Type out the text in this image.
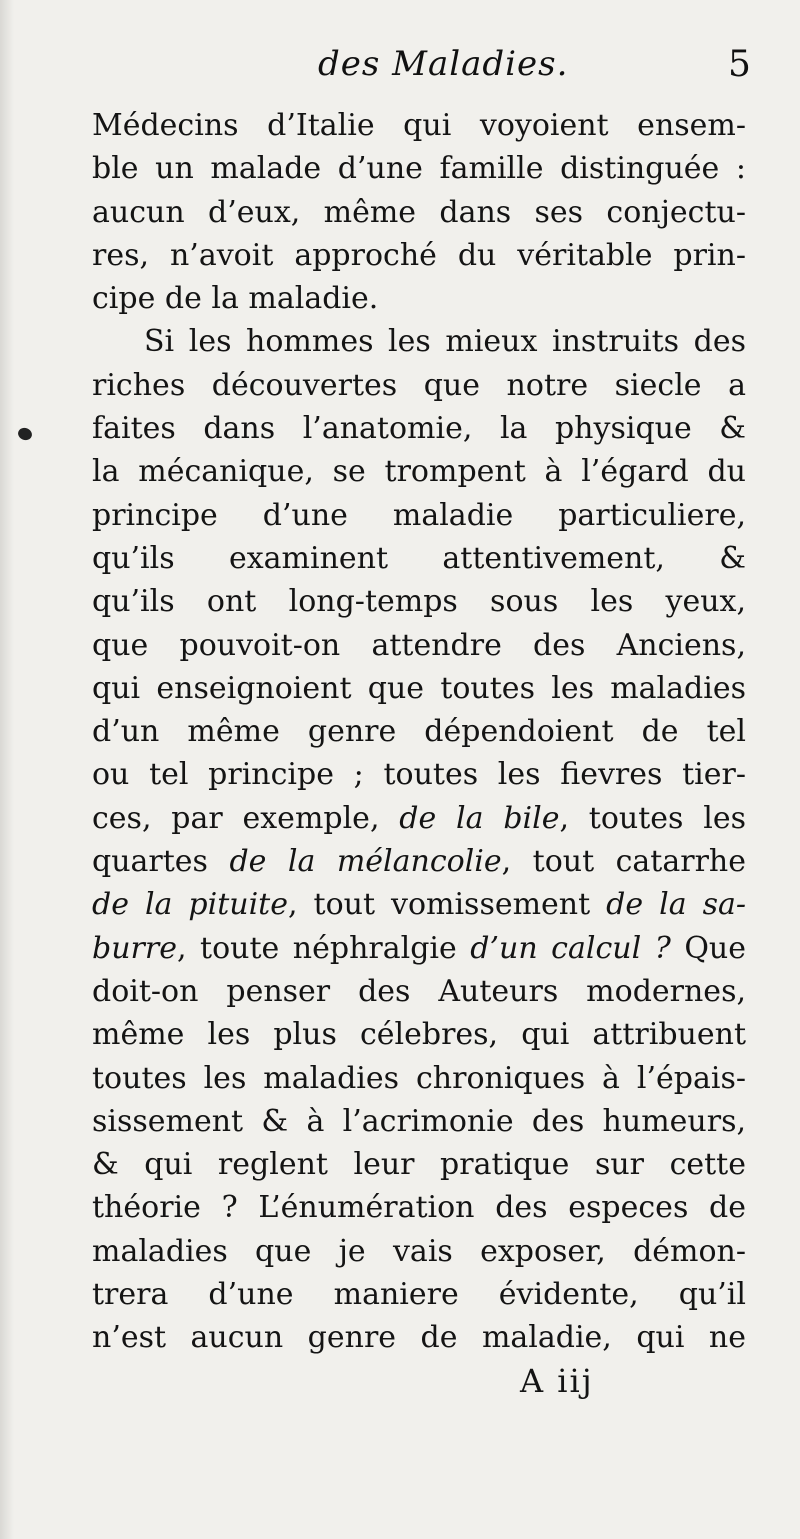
des Maladies.	5
Médecins d’Italie qui voyoient ensem-
ble un malade d’une famille distinguée :
aucun d’eux, même dans ses conjectu-
res, n’avoit approché du véritable prin-
cipe de la maladie.
Si les hommes les mieux instruits des
riches découvertes que notre siecle a
faites dans l’anatomie, la physique &
la mécanique, se trompent à l’égard du
principe d’une maladie particuliere,
qu’ils examinent attentivement, &
qu’ils ont long-temps sous les yeux,
que pouvoit-on attendre des Anciens,
qui enseignoient que toutes les maladies
d’un même genre dépendoient de tel
ou tel principe ; toutes les fievres tier-
ces, par exemple, de la bile, toutes les
quartes de la mélancolie, tout catarrhe
de la pituite, tout vomissement de la sa-
burre, toute néphralgie d’un calcul ? Que
doit-on penser des Auteurs modernes,
même les plus célebres, qui attribuent
toutes les maladies chroniques à l’épais-
sissement & à l’acrimonie des humeurs,
& qui reglent leur pratique sur cette
théorie ? L’énumération des especes de
maladies que je vais exposer, démon-
trera d’une maniere évidente, qu’il
n’est aucun genre de maladie, qui ne
A iij
